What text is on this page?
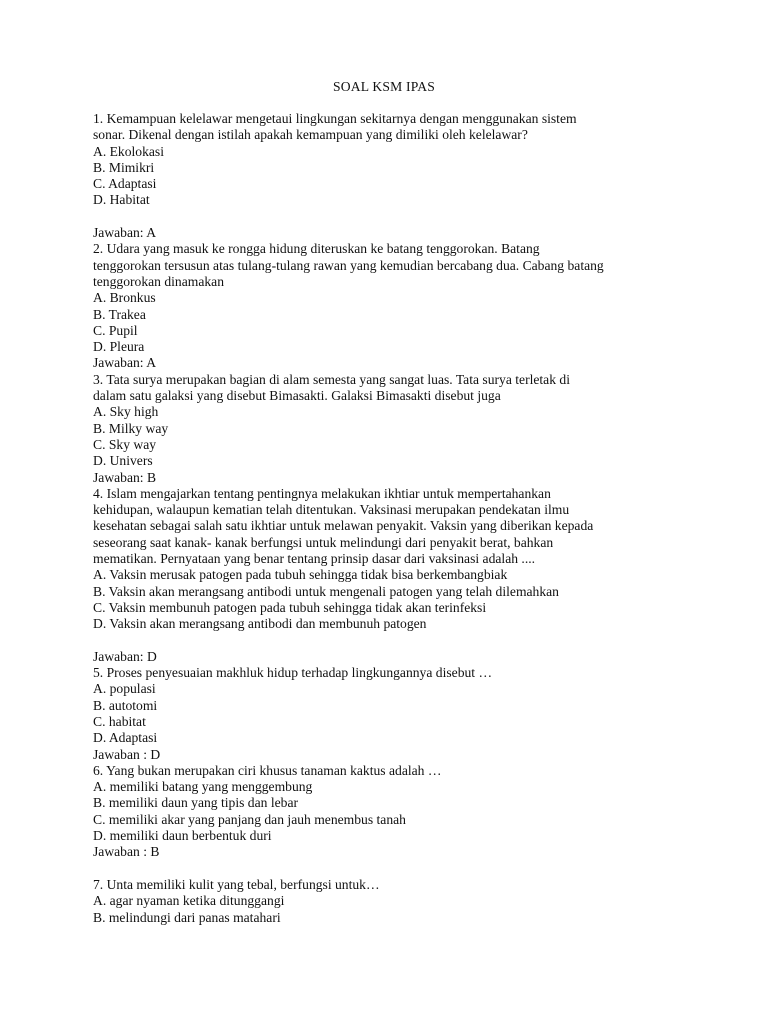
SOAL KSM IPAS
1. Kemampuan kelelawar mengetaui lingkungan sekitarnya dengan menggunakan sistem
sonar. Dikenal dengan istilah apakah kemampuan yang dimiliki oleh kelelawar?
A. Ekolokasi
B. Mimikri
C. Adaptasi
D. Habitat
Jawaban: A
2. Udara yang masuk ke rongga hidung diteruskan ke batang tenggorokan. Batang
tenggorokan tersusun atas tulang-tulang rawan yang kemudian bercabang dua. Cabang batang
tenggorokan dinamakan
A. Bronkus
B. Trakea
C. Pupil
D. Pleura
Jawaban: A
3. Tata surya merupakan bagian di alam semesta yang sangat luas. Tata surya terletak di
dalam satu galaksi yang disebut Bimasakti. Galaksi Bimasakti disebut juga
A. Sky high
B. Milky way
C. Sky way
D. Univers
Jawaban: B
4. Islam mengajarkan tentang pentingnya melakukan ikhtiar untuk mempertahankan
kehidupan, walaupun kematian telah ditentukan. Vaksinasi merupakan pendekatan ilmu
kesehatan sebagai salah satu ikhtiar untuk melawan penyakit. Vaksin yang diberikan kepada
seseorang saat kanak- kanak berfungsi untuk melindungi dari penyakit berat, bahkan
mematikan. Pernyataan yang benar tentang prinsip dasar dari vaksinasi adalah ....
A. Vaksin merusak patogen pada tubuh sehingga tidak bisa berkembangbiak
B. Vaksin akan merangsang antibodi untuk mengenali patogen yang telah dilemahkan
C. Vaksin membunuh patogen pada tubuh sehingga tidak akan terinfeksi
D. Vaksin akan merangsang antibodi dan membunuh patogen
Jawaban: D
5. Proses penyesuaian makhluk hidup terhadap lingkungannya disebut …
A. populasi
B. autotomi
C. habitat
D. Adaptasi
Jawaban : D
6. Yang bukan merupakan ciri khusus tanaman kaktus adalah …
A. memiliki batang yang menggembung
B. memiliki daun yang tipis dan lebar
C. memiliki akar yang panjang dan jauh menembus tanah
D. memiliki daun berbentuk duri
Jawaban : B
7. Unta memiliki kulit yang tebal, berfungsi untuk…
A. agar nyaman ketika ditunggangi
B. melindungi dari panas matahari
